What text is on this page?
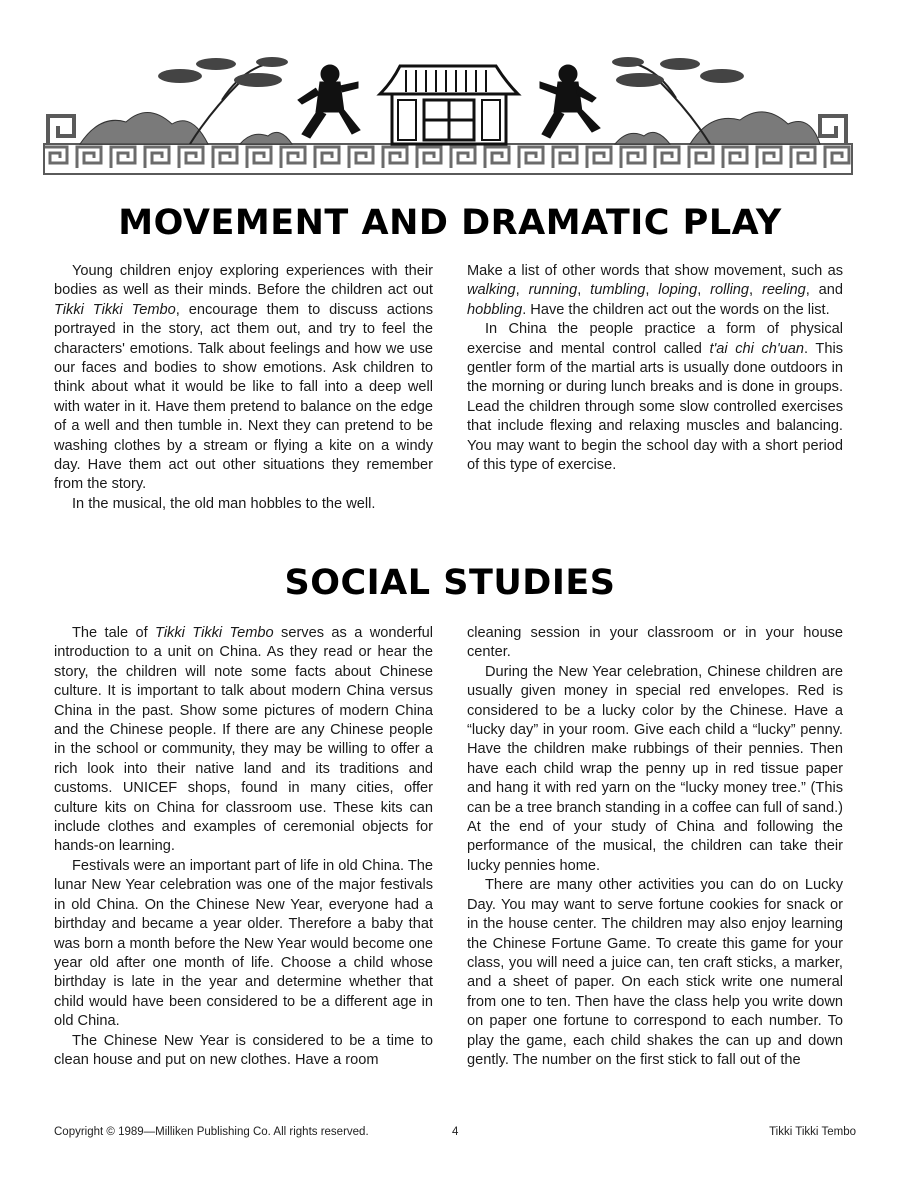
MOVEMENT AND DRAMATIC PLAY

Young children enjoy exploring experiences with their bodies as well as their minds. Before the children act out Tikki Tikki Tembo, encourage them to discuss actions portrayed in the story, act them out, and try to feel the characters' emotions. Talk about feelings and how we use our faces and bodies to show emotions. Ask children to think about what it would be like to fall into a deep well with water in it. Have them pretend to balance on the edge of a well and then tumble in. Next they can pretend to be washing clothes by a stream or flying a kite on a windy day. Have them act out other situations they remember from the story.

In the musical, the old man hobbles to the well.

Make a list of other words that show movement, such as walking, running, tumbling, loping, rolling, reeling, and hobbling. Have the children act out the words on the list.

In China the people practice a form of physical exercise and mental control called t'ai chi ch'uan. This gentler form of the martial arts is usually done outdoors in the morning or during lunch breaks and is done in groups. Lead the children through some slow controlled exercises that include flexing and relaxing muscles and balancing. You may want to begin the school day with a short period of this type of exercise.

SOCIAL STUDIES

The tale of Tikki Tikki Tembo serves as a wonderful introduction to a unit on China. As they read or hear the story, the children will note some facts about Chinese culture. It is important to talk about modern China versus China in the past. Show some pictures of modern China and the Chinese people. If there are any Chinese people in the school or community, they may be willing to offer a rich look into their native land and its traditions and customs. UNICEF shops, found in many cities, offer culture kits on China for classroom use. These kits can include clothes and examples of ceremonial objects for hands-on learning.

Festivals were an important part of life in old China. The lunar New Year celebration was one of the major festivals in old China. On the Chinese New Year, everyone had a birthday and became a year older. Therefore a baby that was born a month before the New Year would become one year old after one month of life. Choose a child whose birthday is late in the year and determine whether that child would have been considered to be a different age in old China.

The Chinese New Year is considered to be a time to clean house and put on new clothes. Have a room

cleaning session in your classroom or in your house center.

During the New Year celebration, Chinese children are usually given money in special red envelopes. Red is considered to be a lucky color by the Chinese. Have a “lucky day” in your room. Give each child a “lucky” penny. Have the children make rubbings of their pennies. Then have each child wrap the penny up in red tissue paper and hang it with red yarn on the “lucky money tree.” (This can be a tree branch standing in a coffee can full of sand.) At the end of your study of China and following the performance of the musical, the children can take their lucky pennies home.

There are many other activities you can do on Lucky Day. You may want to serve fortune cookies for snack or in the house center. The children may also enjoy learning the Chinese Fortune Game. To create this game for your class, you will need a juice can, ten craft sticks, a marker, and a sheet of paper. On each stick write one numeral from one to ten. Then have the class help you write down on paper one fortune to correspond to each number. To play the game, each child shakes the can up and down gently. The number on the first stick to fall out of the

Copyright © 1989—Milliken Publishing Co. All rights reserved.	4	Tikki Tikki Tembo
